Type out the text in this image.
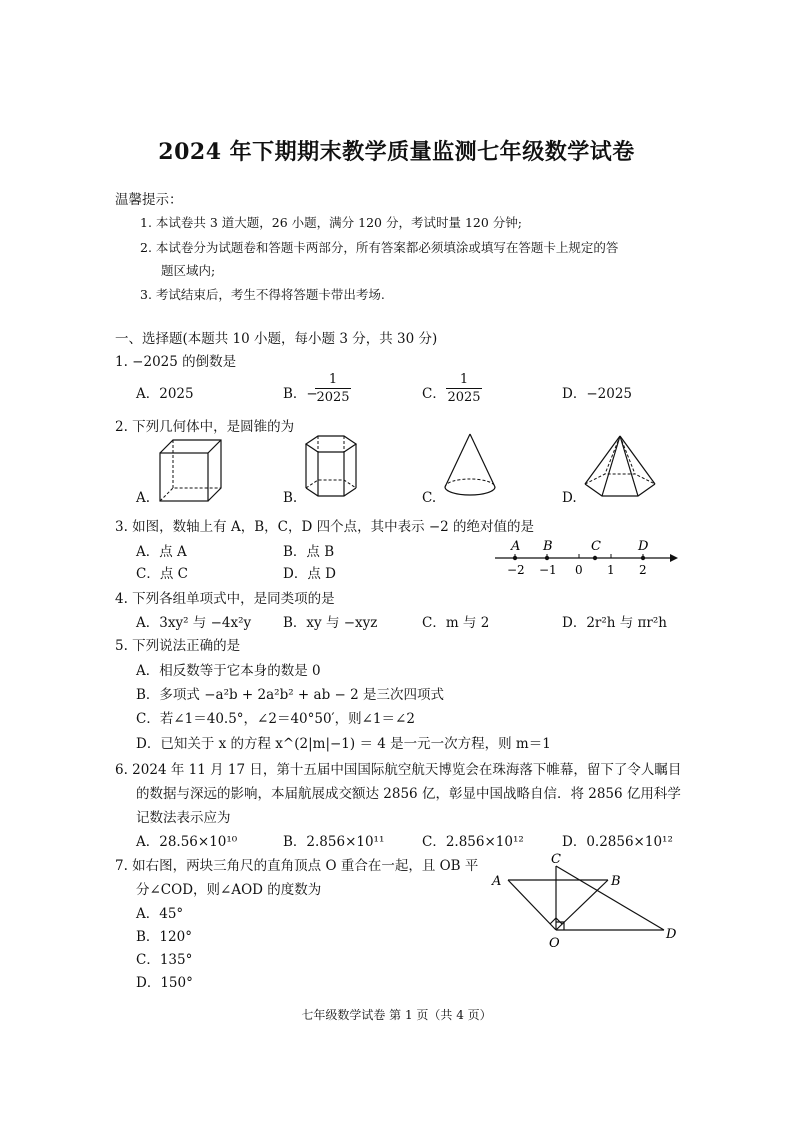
2024 年下期期末教学质量监测七年级数学试卷
温馨提示：
1. 本试卷共 3 道大题，26 小题，满分 120 分，考试时量 120 分钟;
2. 本试卷分为试题卷和答题卡两部分，所有答案都必须填涂或填写在答题卡上规定的答
题区域内;
3. 考试结束后，考生不得将答题卡带出考场.
一、选择题(本题共 10 小题，每小题 3 分，共 30 分)
1. −2025 的倒数是
A．2025	B．−
1
2025	C．
1
2025	D．−2025
2. 下列几何体中，是圆锥的为
A.	B.	C.	D.
3. 如图，数轴上有 A，B，C，D 四个点，其中表示 −2 的绝对值的是
A．点 A	B．点 B
C．点 C	D．点 D
A B	C	D
−2 −1 0 1 2
4. 下列各组单项式中，是同类项的是
A．3xy² 与 −4x²y B．xy 与 −xyz	C．m 与 2	D．2r²h 与 πr²h
5. 下列说法正确的是
A．相反数等于它本身的数是 0
B．多项式 −a²b + 2a²b² + ab − 2 是三次四项式
C．若∠1＝40.5°，∠2＝40°50′，则∠1＝∠2
D．已知关于 x 的方程 x^(2|m|−1) ＝ 4 是一元一次方程，则 m＝1
6. 2024 年 11 月 17 日，第十五届中国国际航空航天博览会在珠海落下帷幕，留下了令人瞩目
的数据与深远的影响，本届航展成交额达 2856 亿，彰显中国战略自信．将 2856 亿用科学
记数法表示应为
A．28.56×10¹⁰	B．2.856×10¹¹	C．2.856×10¹²	D．0.2856×10¹²
7. 如右图，两块三角尺的直角顶点 O 重合在一起，且 OB 平
分∠COD，则∠AOD 的度数为
A．45°
B．120°
C．135°
D．150°
A	B
C
D
O
七年级数学试卷 第 1 页（共 4 页）
